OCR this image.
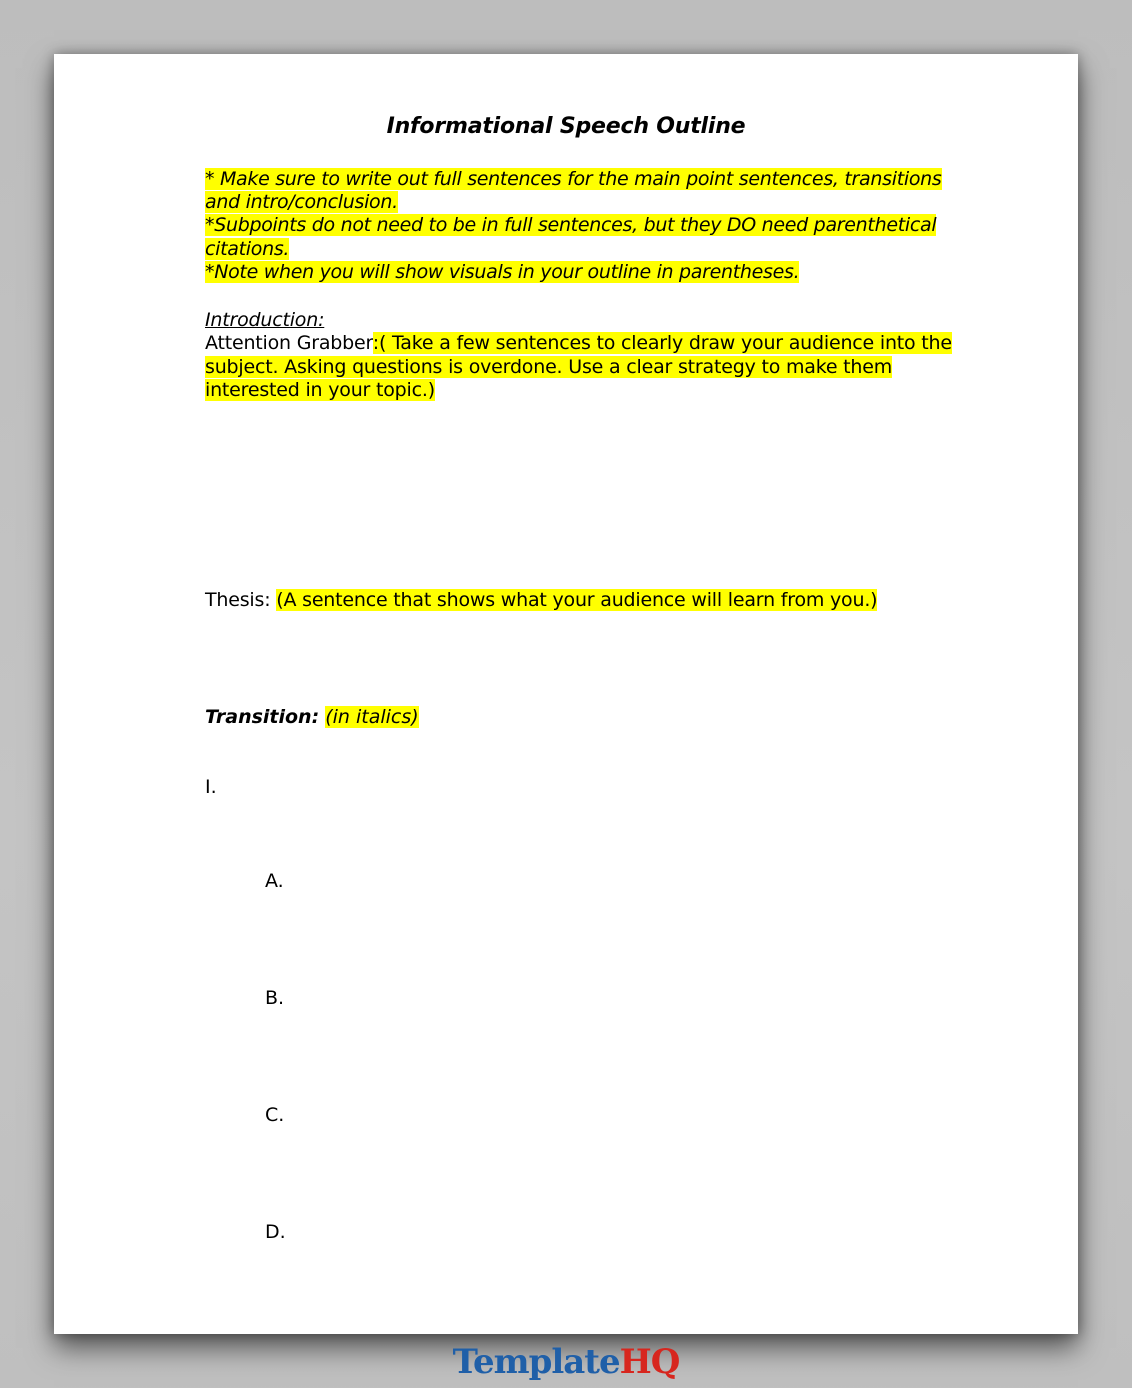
Informational Speech Outline
* Make sure to write out full sentences for the main point sentences, transitions
and intro/conclusion.
*Subpoints do not need to be in full sentences, but they DO need parenthetical
citations.
*Note when you will show visuals in your outline in parentheses.
Introduction:
Attention Grabber:( Take a few sentences to clearly draw your audience into the
subject. Asking questions is overdone. Use a clear strategy to make them
interested in your topic.)
Thesis: (A sentence that shows what your audience will learn from you.)
Transition: (in italics)
I.
A.
B.
C.
D.
TemplateHQ
